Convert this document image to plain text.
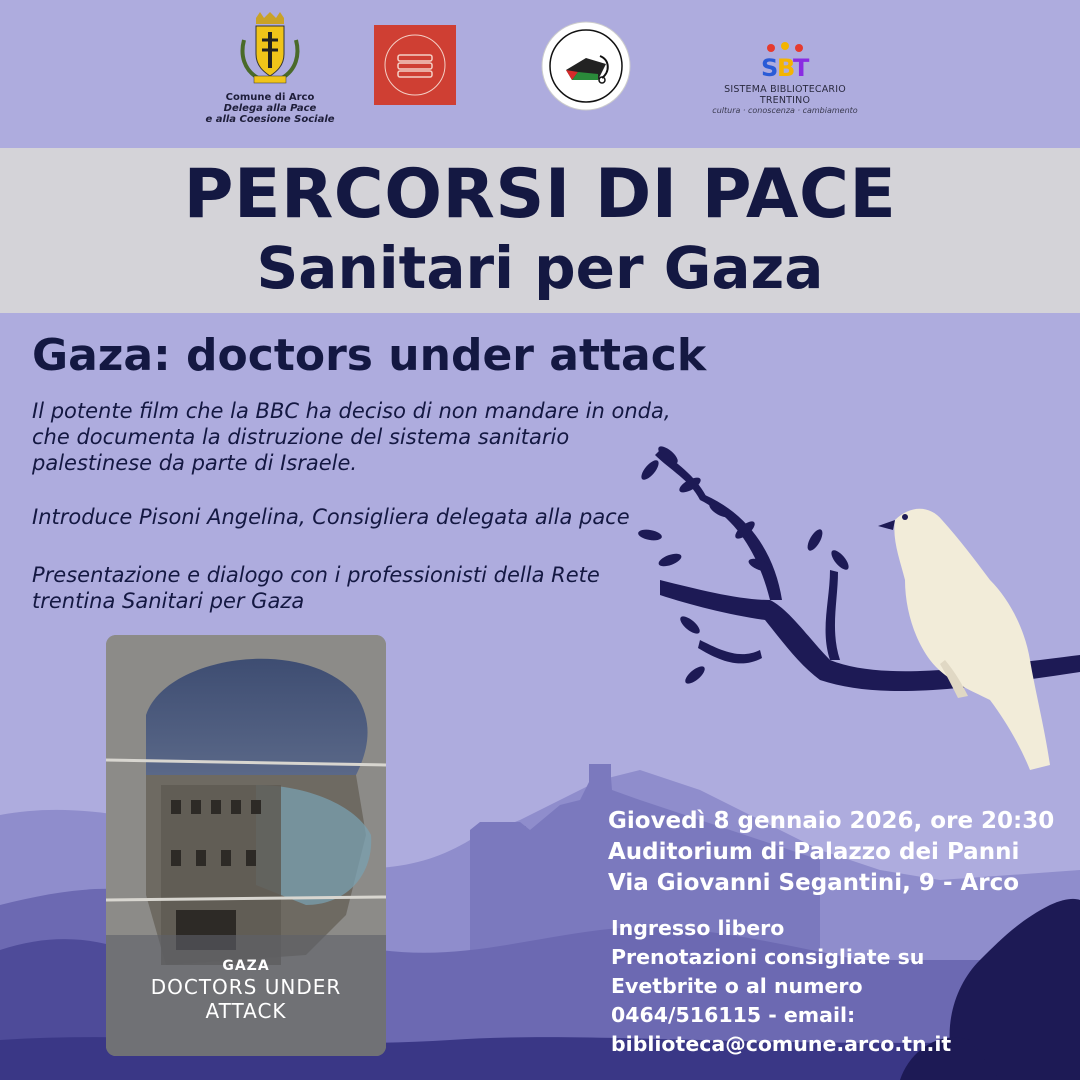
Comune di Arco
Delega alla Pace
e alla Coesione Sociale
S
B
T
SISTEMA BIBLIOTECARIO TRENTINO
cultura · conoscenza · cambiamento
PERCORSI DI PACE
Sanitari per Gaza
Gaza: doctors under attack

Il potente film che la BBC ha deciso di non mandare in onda, che documenta la distruzione del sistema sanitario palestinese da parte di Israele.

Introduce Pisoni Angelina, Consigliera delegata alla pace

Presentazione e dialogo con i professionisti della Rete trentina Sanitari per Gaza

GAZA
DOCTORS UNDER
ATTACK
Giovedì 8 gennaio 2026, ore 20:30
Auditorium di Palazzo dei Panni
Via Giovanni Segantini, 9 - Arco
Ingresso libero
Prenotazioni consigliate su
Evetbrite o al numero
0464/516115 - email:
biblioteca@comune.arco.tn.it
